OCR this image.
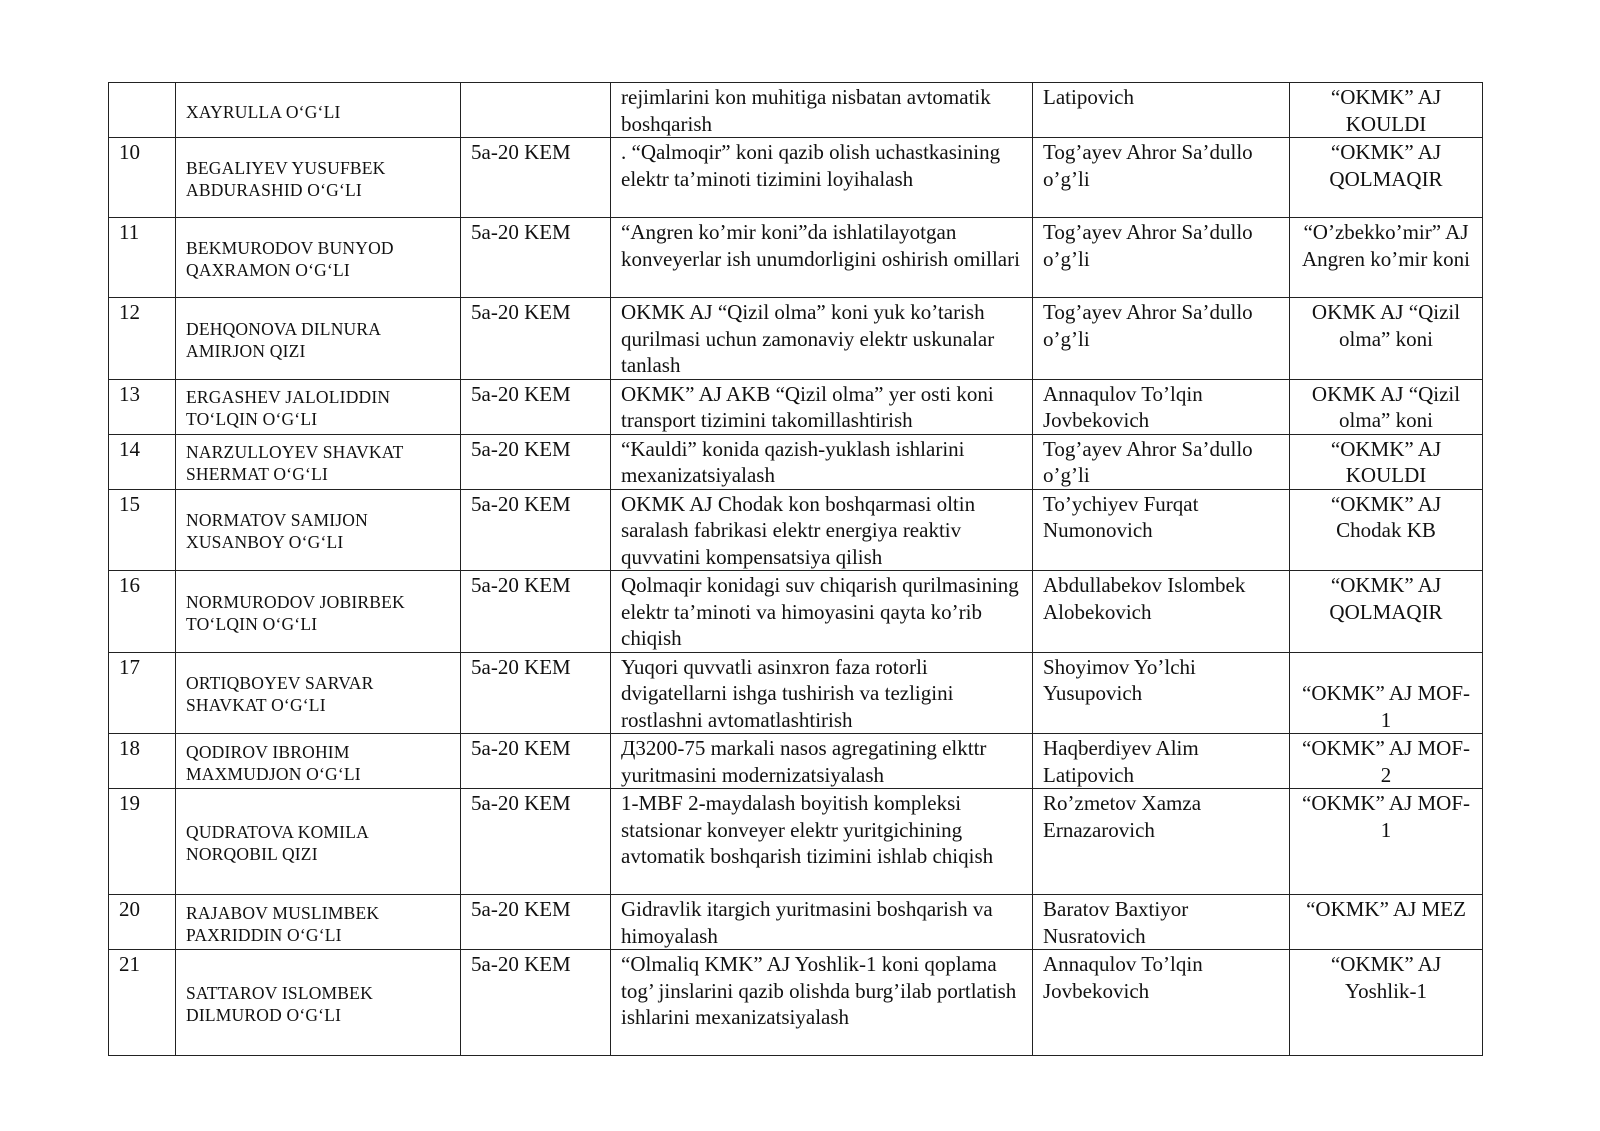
	XAYRULLA O‘G‘LI		rejimlarini kon muhitiga nisbatan avtomatik boshqarish	Latipovich	“OKMK” AJ KOULDI
10	BEGALIYEV YUSUFBEK ABDURASHID O‘G‘LI	5a-20 KEM	. “Qalmoqir” koni qazib olish uchastkasining elektr ta’minoti tizimini loyihalash	Tog’ayev Ahror Sa’dullo o’g’li	“OKMK” AJ QOLMAQIR
11	BEKMURODOV BUNYOD QAXRAMON O‘G‘LI	5a-20 KEM	“Angren ko’mir koni”da ishlatilayotgan konveyerlar ish unumdorligini oshirish omillari	Tog’ayev Ahror Sa’dullo o’g’li	“O’zbekko’mir” AJ Angren ko’mir koni
12	DEHQONOVA DILNURA AMIRJON QIZI	5a-20 KEM	OKMK AJ “Qizil olma” koni yuk ko’tarish qurilmasi uchun zamonaviy elektr uskunalar tanlash	Tog’ayev Ahror Sa’dullo o’g’li	OKMK AJ “Qizil olma” koni
13	ERGASHEV JALOLIDDIN TO‘LQIN O‘G‘LI	5a-20 KEM	OKMK” AJ AKB “Qizil olma” yer osti koni transport tizimini takomillashtirish	Annaqulov To’lqin Jovbekovich	OKMK AJ “Qizil olma” koni
14	NARZULLOYEV SHAVKAT SHERMAT O‘G‘LI	5a-20 KEM	“Kauldi” konida qazish-yuklash ishlarini mexanizatsiyalash	Tog’ayev Ahror Sa’dullo o’g’li	“OKMK” AJ KOULDI
15	NORMATOV SAMIJON XUSANBOY O‘G‘LI	5a-20 KEM	OKMK AJ Chodak kon boshqarmasi oltin saralash fabrikasi elektr energiya reaktiv quvvatini kompensatsiya qilish	To’ychiyev Furqat Numonovich	“OKMK” AJ Chodak KB
16	NORMURODOV JOBIRBEK TO‘LQIN O‘G‘LI	5a-20 KEM	Qolmaqir konidagi suv chiqarish qurilmasining elektr ta’minoti va himoyasini qayta ko’rib chiqish	Abdullabekov Islombek Alobekovich	“OKMK” AJ QOLMAQIR
17	ORTIQBOYEV SARVAR SHAVKAT O‘G‘LI	5a-20 KEM	Yuqori quvvatli asinxron faza rotorli dvigatellarni ishga tushirish va tezligini rostlashni avtomatlashtirish	Shoyimov Yo’lchi Yusupovich	“OKMK” AJ MOF-1
18	QODIROV IBROHIM MAXMUDJON O‘G‘LI	5a-20 KEM	Д3200-75 markali nasos agregatining elkttr yuritmasini modernizatsiyalash	Haqberdiyev Alim Latipovich	“OKMK” AJ MOF-2
19	QUDRATOVA KOMILA NORQOBIL QIZI	5a-20 KEM	1-MBF 2-maydalash boyitish kompleksi statsionar konveyer elektr yuritgichining avtomatik boshqarish tizimini ishlab chiqish	Ro’zmetov Xamza Ernazarovich	“OKMK” AJ MOF-1
20	RAJABOV MUSLIMBEK PAXRIDDIN O‘G‘LI	5a-20 KEM	Gidravlik itargich yuritmasini boshqarish va himoyalash	Baratov Baxtiyor Nusratovich	“OKMK” AJ MEZ
21	SATTAROV ISLOMBEK DILMUROD O‘G‘LI	5a-20 KEM	“Olmaliq KMK” AJ Yoshlik-1 koni qoplama tog’ jinslarini qazib olishda burg’ilab portlatish ishlarini mexanizatsiyalash	Annaqulov To’lqin Jovbekovich	“OKMK” AJ Yoshlik-1
